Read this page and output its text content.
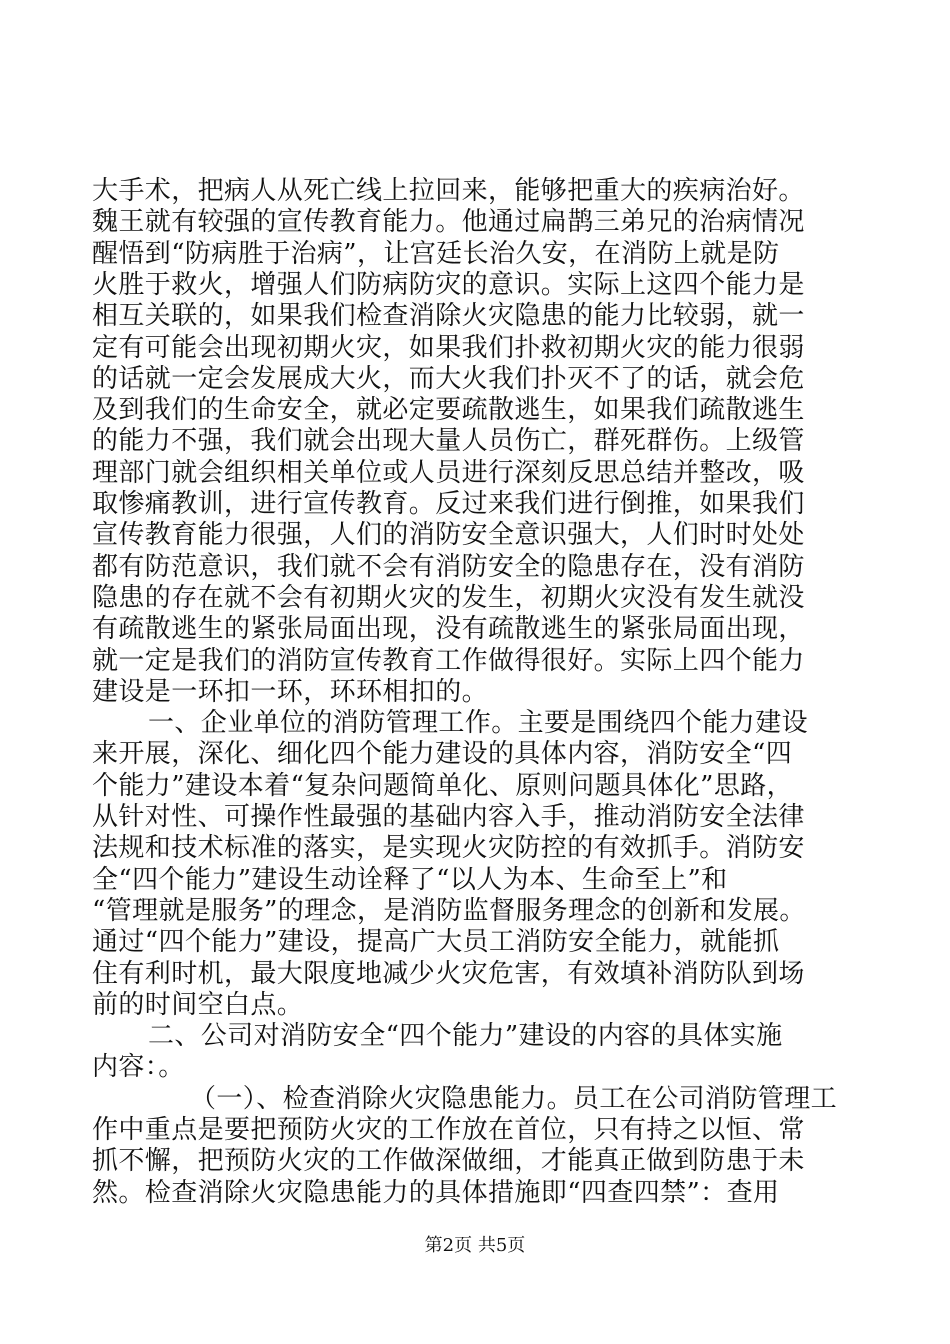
大手术，把病人从死亡线上拉回来，能够把重大的疾病治好。
魏王就有较强的宣传教育能力。他通过扁鹊三弟兄的治病情况
醒悟到“防病胜于治病”，让宫廷长治久安，在消防上就是防
火胜于救火，增强人们防病防灾的意识。实际上这四个能力是
相互关联的，如果我们检查消除火灾隐患的能力比较弱，就一
定有可能会出现初期火灾，如果我们扑救初期火灾的能力很弱
的话就一定会发展成大火，而大火我们扑灭不了的话，就会危
及到我们的生命安全，就必定要疏散逃生，如果我们疏散逃生
的能力不强，我们就会出现大量人员伤亡，群死群伤。上级管
理部门就会组织相关单位或人员进行深刻反思总结并整改，吸
取惨痛教训，进行宣传教育。反过来我们进行倒推，如果我们
宣传教育能力很强，人们的消防安全意识强大，人们时时处处
都有防范意识，我们就不会有消防安全的隐患存在，没有消防
隐患的存在就不会有初期火灾的发生，初期火灾没有发生就没
有疏散逃生的紧张局面出现，没有疏散逃生的紧张局面出现，
就一定是我们的消防宣传教育工作做得很好。实际上四个能力
建设是一环扣一环，环环相扣的。
一、企业单位的消防管理工作。主要是围绕四个能力建设
来开展，深化、细化四个能力建设的具体内容，消防安全“四
个能力”建设本着“复杂问题简单化、原则问题具体化”思路，
从针对性、可操作性最强的基础内容入手，推动消防安全法律
法规和技术标准的落实，是实现火灾防控的有效抓手。消防安
全“四个能力”建设生动诠释了“以人为本、生命至上”和
“管理就是服务”的理念，是消防监督服务理念的创新和发展。
通过“四个能力”建设，提高广大员工消防安全能力，就能抓
住有利时机，最大限度地减少火灾危害，有效填补消防队到场
前的时间空白点。
二、公司对消防安全“四个能力”建设的内容的具体实施
内容：。
（一）、检查消除火灾隐患能力。员工在公司消防管理工
作中重点是要把预防火灾的工作放在首位，只有持之以恒、常
抓不懈，把预防火灾的工作做深做细，才能真正做到防患于未
然。检查消除火灾隐患能力的具体措施即“四查四禁”：查用
第2页 共5页
